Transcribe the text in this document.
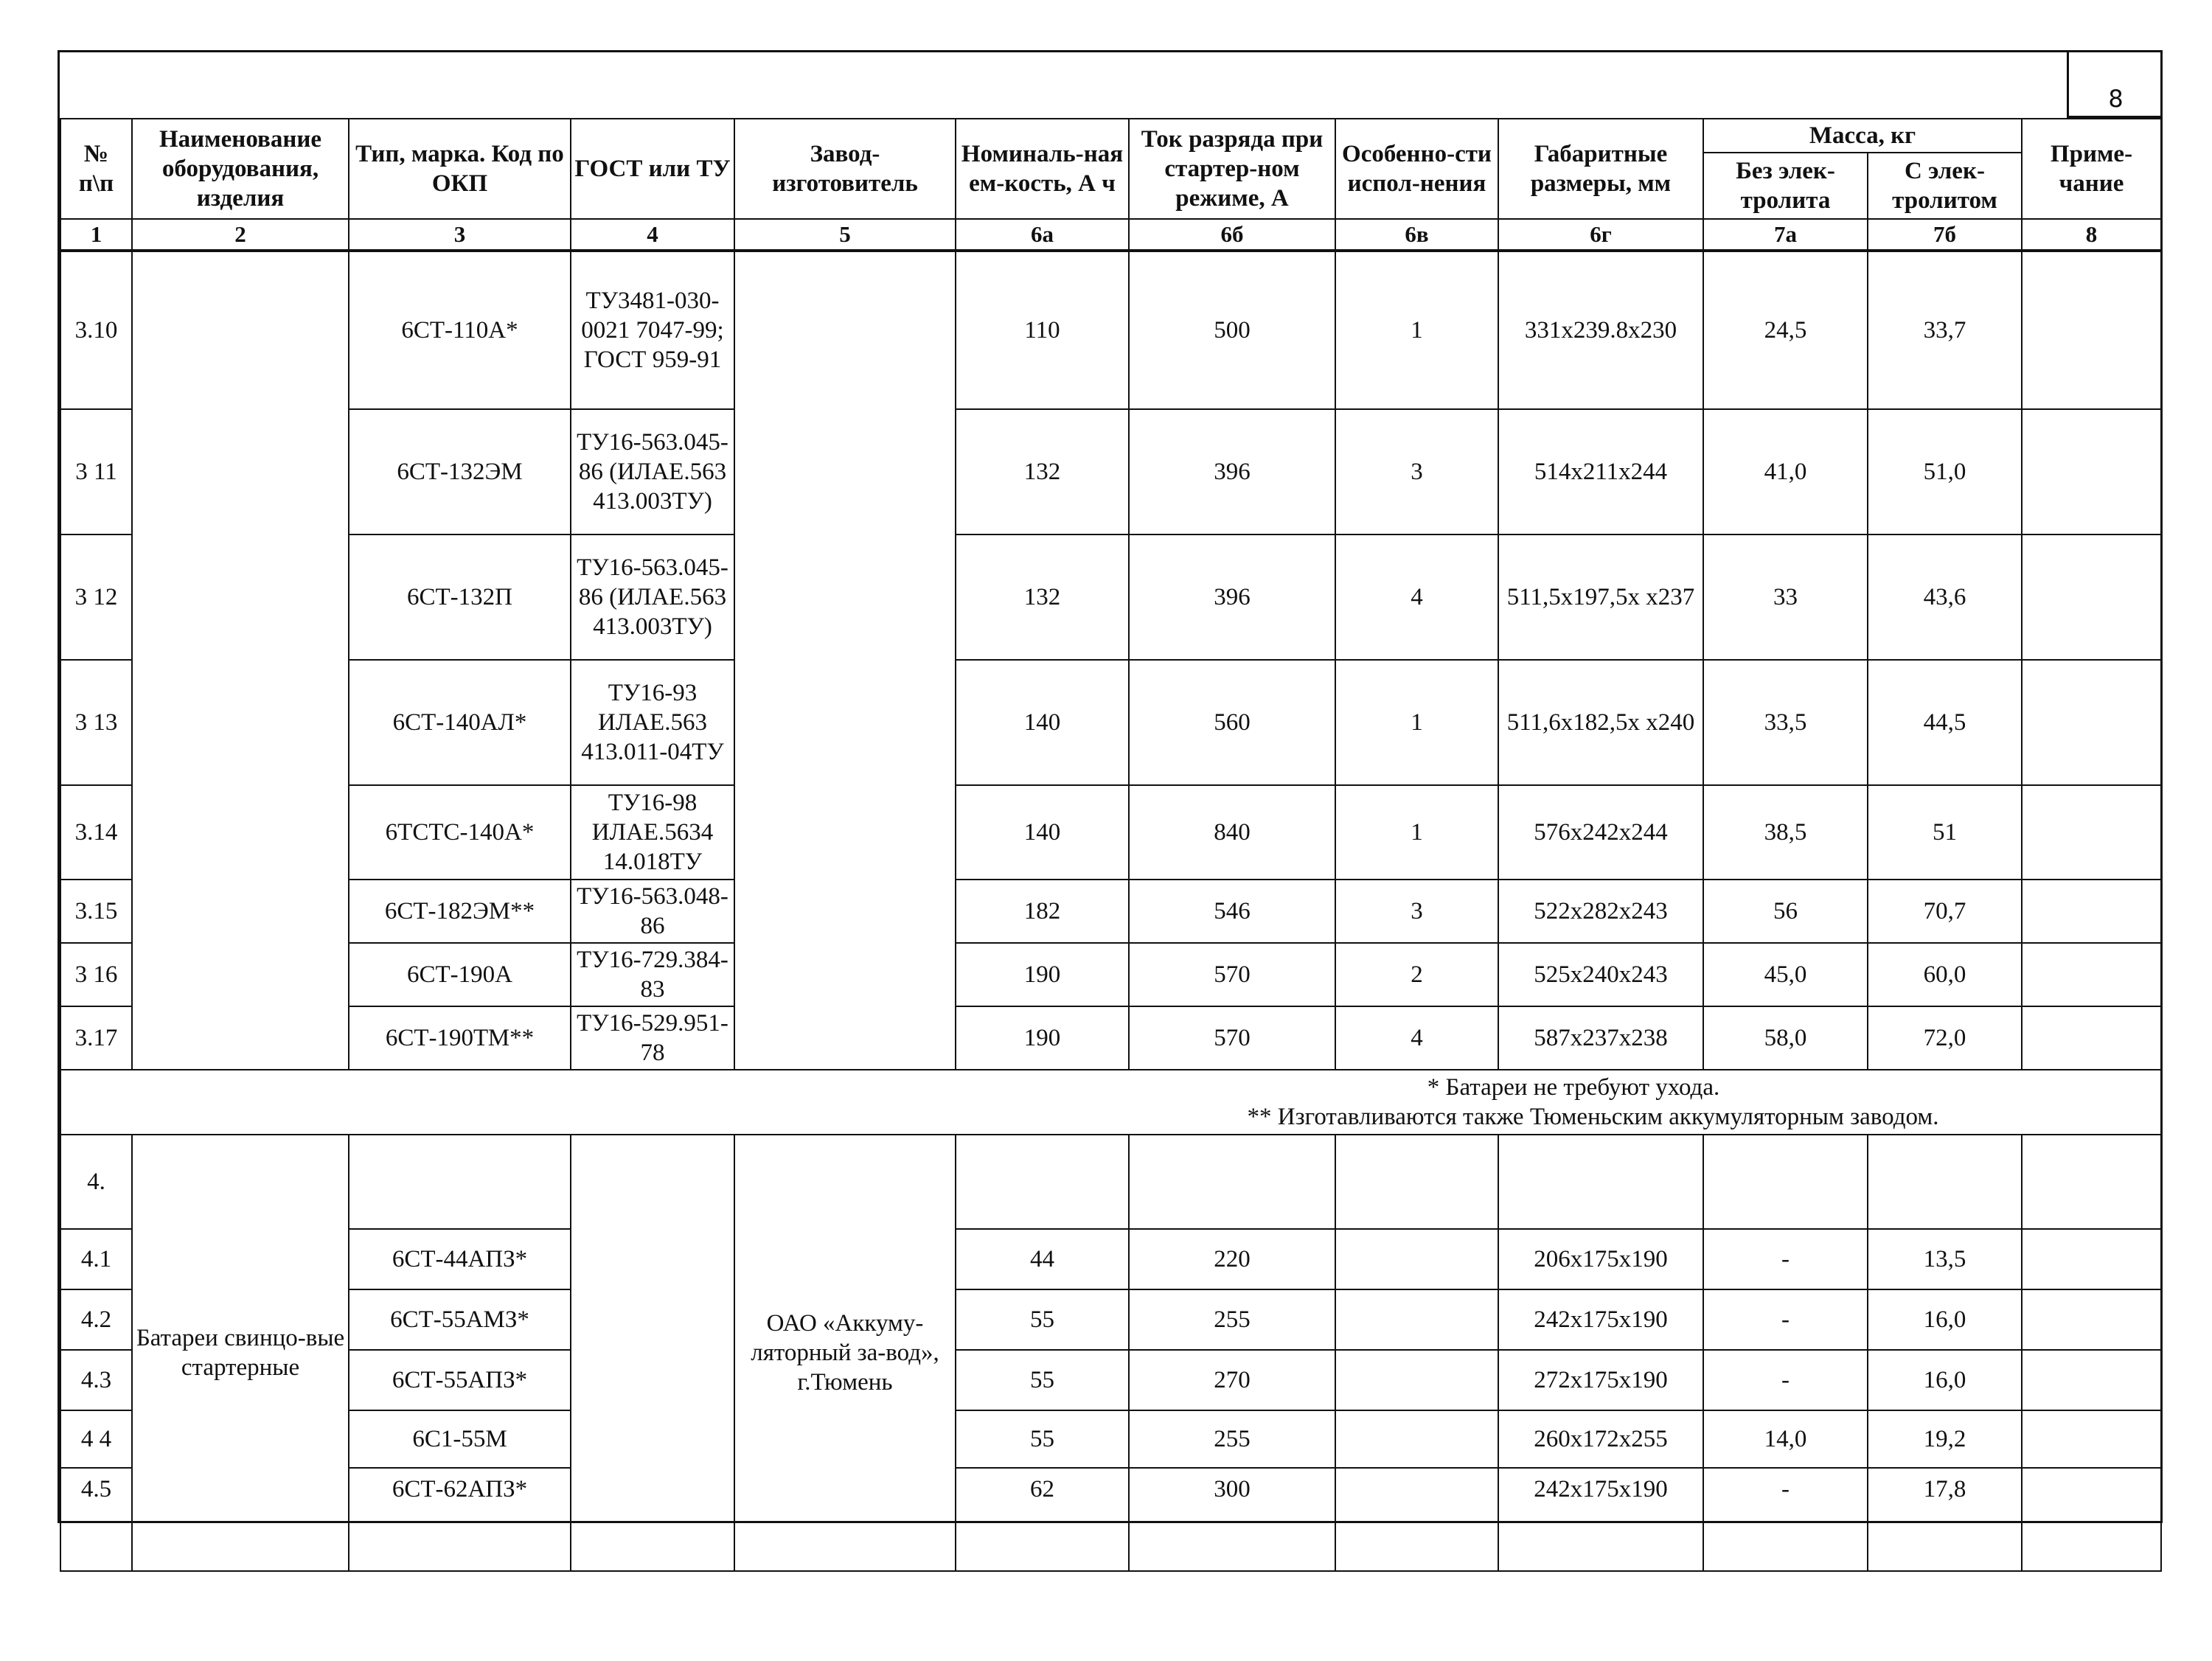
8
№ п\п	Наименование оборудования, изделия	Тип, марка. Код по ОКП	ГОСТ или ТУ	Завод-изготовитель	Номиналь-ная ем-кость, А ч	Ток разряда при стартер-ном режиме, А	Особенно-сти испол-нения	Габаритные размеры, мм	Масса, кг		Приме-чание
									Без элек-тролита	С элек-тролитом	
1	2	3	4	5	6а	6б	6в	6г	7а	7б	8
3.10		6СТ-110А*	ТУ3481-030-0021 7047-99; ГОСТ 959-91		110	500	1	331x239.8x230	24,5	33,7	
3 11		6СТ-132ЭМ	ТУ16-563.045-86 (ИЛАЕ.563 413.003ТУ)		132	396	3	514x211x244	41,0	51,0	
3 12		6СТ-132П	ТУ16-563.045-86 (ИЛАЕ.563 413.003ТУ)		132	396	4	511,5x197,5x x237	33	43,6	
3 13		6СТ-140АЛ*	ТУ16-93 ИЛАЕ.563 413.011-04ТУ		140	560	1	511,6x182,5x x240	33,5	44,5	
3.14		6ТСТС-140А*	ТУ16-98 ИЛАЕ.5634 14.018ТУ		140	840	1	576x242x244	38,5	51	
3.15		6СТ-182ЭМ**	ТУ16-563.048-86		182	546	3	522x282x243	56	70,7	
3 16		6СТ-190А	ТУ16-729.384-83		190	570	2	525x240x243	45,0	60,0	
3.17		6СТ-190ТМ**	ТУ16-529.951-78		190	570	4	587x237x238	58,0	72,0	

* Батареи не требуют ухода.
** Изготавливаются также Тюменьским аккумуляторным заводом.											

4.	Батареи свинцо-вые стартерные			ОАО «Аккуму-ляторный за-вод», г.Тюмень							
4.1		6СТ-44АПЗ*			44	220		206x175x190	-	13,5	
4.2		6СТ-55АМЗ*			55	255		242x175x190	-	16,0	
4.3		6СТ-55АПЗ*			55	270		272x175x190	-	16,0	
4 4		6С1-55М			55	255		260x172x255	14,0	19,2	
4.5		6СТ-62АПЗ*			62	300		242x175x190	-	17,8	
